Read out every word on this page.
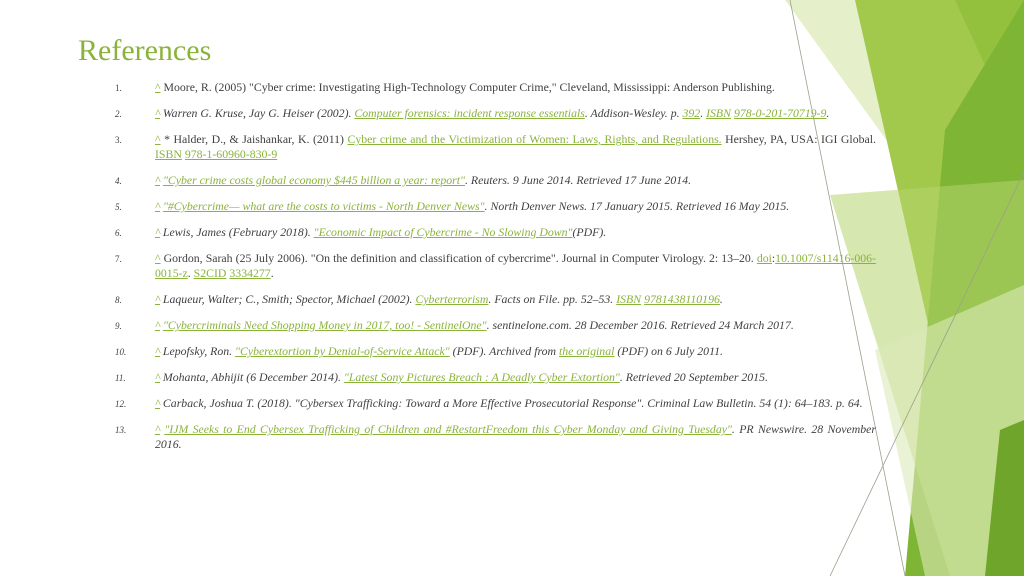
References
1.	^ Moore, R. (2005) "Cyber crime: Investigating High-Technology Computer Crime," Cleveland, Mississippi: Anderson Publishing.
2.	^ Warren G. Kruse, Jay G. Heiser (2002). Computer forensics: incident response essentials. Addison-Wesley. p. 392. ISBN 978-0-201-70719-9.
3.	^ * Halder, D., & Jaishankar, K. (2011) Cyber crime and the Victimization of Women: Laws, Rights, and Regulations. Hershey, PA, USA: IGI Global. ISBN 978-1-60960-830-9
4.	^ "Cyber crime costs global economy $445 billion a year: report". Reuters. 9 June 2014. Retrieved 17 June 2014.
5.	^ "#Cybercrime— what are the costs to victims - North Denver News". North Denver News. 17 January 2015. Retrieved 16 May 2015.
6.	^ Lewis, James (February 2018). "Economic Impact of Cybercrime - No Slowing Down"(PDF).
7.	^ Gordon, Sarah (25 July 2006). "On the definition and classification of cybercrime". Journal in Computer Virology. 2: 13–20. doi:10.1007/s11416-006-0015-z. S2CID 3334277.
8.	^ Laqueur, Walter; C., Smith; Spector, Michael (2002). Cyberterrorism. Facts on File. pp. 52–53. ISBN 9781438110196.
9.	^ "Cybercriminals Need Shopping Money in 2017, too! - SentinelOne". sentinelone.com. 28 December 2016. Retrieved 24 March 2017.
10. ^ Lepofsky, Ron. "Cyberextortion by Denial-of-Service Attack" (PDF). Archived from the original (PDF) on 6 July 2011.
11. ^ Mohanta, Abhijit (6 December 2014). "Latest Sony Pictures Breach : A Deadly Cyber Extortion". Retrieved 20 September 2015.
12. ^ Carback, Joshua T. (2018). "Cybersex Trafficking: Toward a More Effective Prosecutorial Response". Criminal Law Bulletin. 54 (1): 64–183. p. 64.
13. ^ "IJM Seeks to End Cybersex Trafficking of Children and #RestartFreedom this Cyber Monday and Giving Tuesday". PR Newswire. 28 November 2016.
